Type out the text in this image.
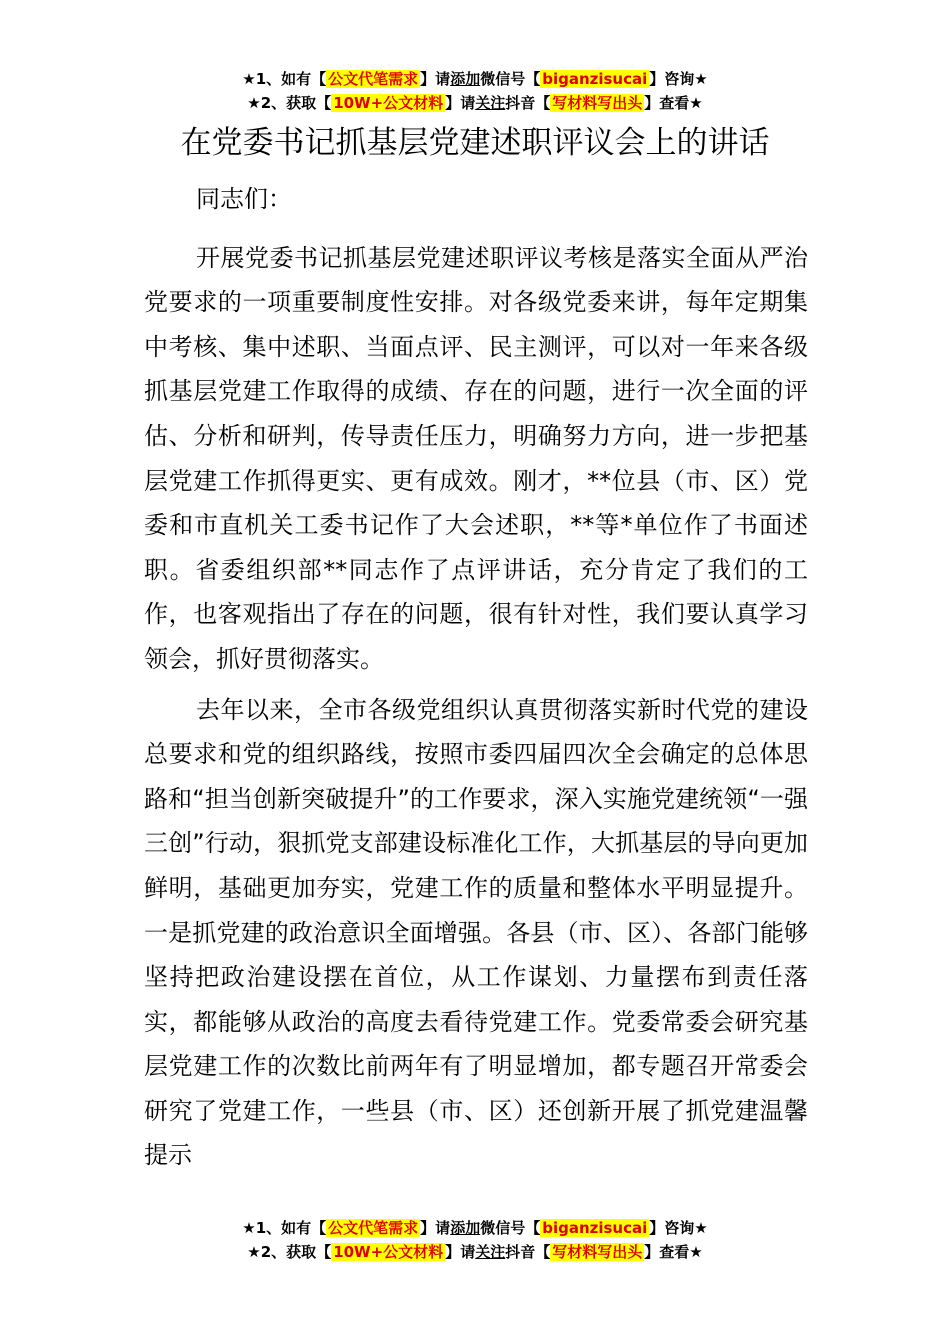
★1、如有【 公文代笔需求 】请添加微信号【 biganzisucai 】咨询★
★2、获取【 10W+公文材料 】请关注抖音【 写材料写出头 】查看★
在党委书记抓基层党建述职评议会上的讲话

同志们：

开展党委书记抓基层党建述职评议考核是落实全面从严治党要求的一项重要制度性安排。对各级党委来讲，每年定期集中考核、集中述职、当面点评、民主测评，可以对一年来各级抓基层党建工作取得的成绩、存在的问题，进行一次全面的评估、分析和研判，传导责任压力，明确努力方向，进一步把基层党建工作抓得更实、更有成效。刚才，**位县（市、区）党委和市直机关工委书记作了大会述职，**等*单位作了书面述职。省委组织部**同志作了点评讲话，充分肯定了我们的工作，也客观指出了存在的问题，很有针对性，我们要认真学习领会，抓好贯彻落实。

去年以来，全市各级党组织认真贯彻落实新时代党的建设总要求和党的组织路线，按照市委四届四次全会确定的总体思路和“担当创新突破提升”的工作要求，深入实施党建统领“一强三创”行动，狠抓党支部建设标准化工作，大抓基层的导向更加鲜明，基础更加夯实，党建工作的质量和整体水平明显提升。一是抓党建的政治意识全面增强。各县（市、区）、各部门能够坚持把政治建设摆在首位，从工作谋划、力量摆布到责任落实，都能够从政治的高度去看待党建工作。党委常委会研究基层党建工作的次数比前两年有了明显增加，都专题召开常委会研究了党建工作，一些县（市、区）还创新开展了抓党建温馨提示

★1、如有【 公文代笔需求 】请添加微信号【 biganzisucai 】咨询★
★2、获取【 10W+公文材料 】请关注抖音【 写材料写出头 】查看★
